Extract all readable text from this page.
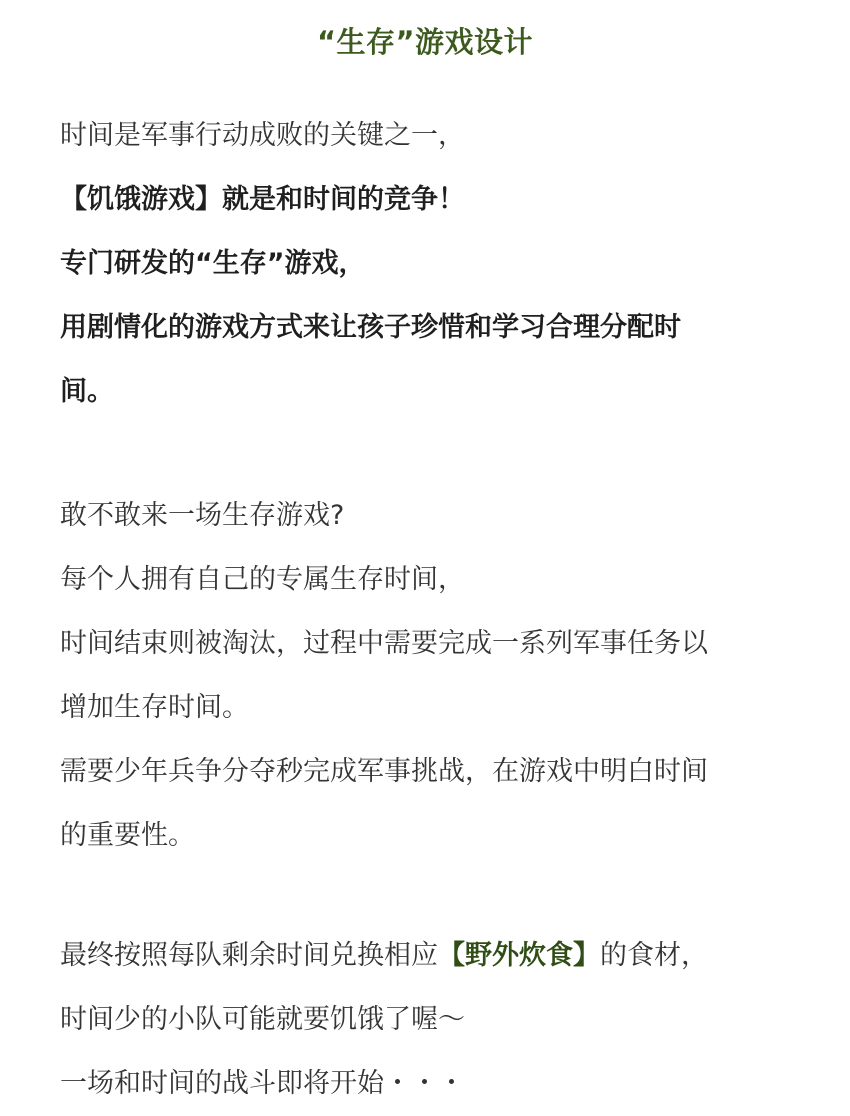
“生存”游戏设计
时间是军事行动成败的关键之一，
【饥饿游戏】就是和时间的竞争！
专门研发的“生存”游戏，
用剧情化的游戏方式来让孩子珍惜和学习合理分配时
间。
敢不敢来一场生存游戏?
每个人拥有自己的专属生存时间，
时间结束则被淘汰，过程中需要完成一系列军事任务以
增加生存时间。
需要少年兵争分夺秒完成军事挑战，在游戏中明白时间
的重要性。
最终按照每队剩余时间兑换相应【野外炊食】的食材，
时间少的小队可能就要饥饿了喔～
一场和时间的战斗即将开始・・・
